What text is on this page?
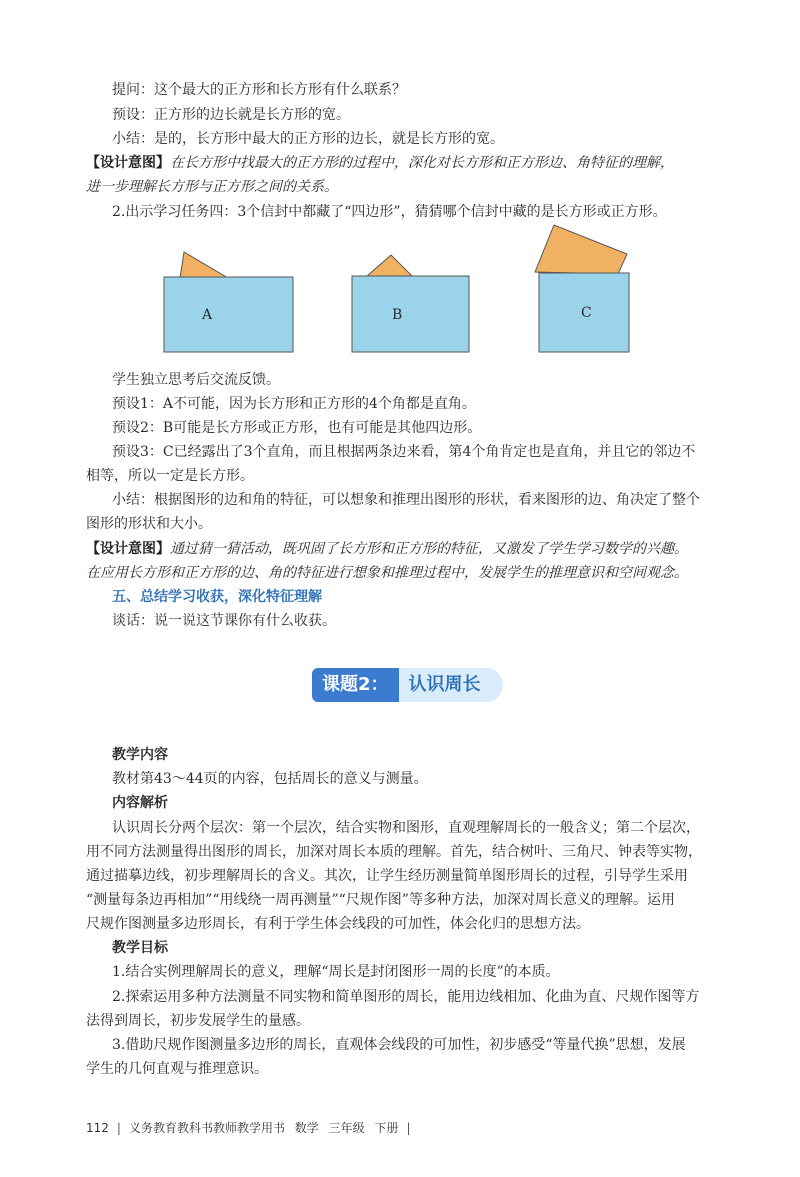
提问：这个最大的正方形和长方形有什么联系？
预设：正方形的边长就是长方形的宽。
小结：是的，长方形中最大的正方形的边长，就是长方形的宽。
【设计意图】在长方形中找最大的正方形的过程中，深化对长方形和正方形边、角特征的理解，
进一步理解长方形与正方形之间的关系。
2.出示学习任务四：3个信封中都藏了“四边形”，猜猜哪个信封中藏的是长方形或正方形。
A	B	C
学生独立思考后交流反馈。
预设1：A不可能，因为长方形和正方形的4个角都是直角。
预设2：B可能是长方形或正方形，也有可能是其他四边形。
预设3：C已经露出了3个直角，而且根据两条边来看，第4个角肯定也是直角，并且它的邻边不
相等，所以一定是长方形。
小结：根据图形的边和角的特征，可以想象和推理出图形的形状，看来图形的边、角决定了整个
图形的形状和大小。
【设计意图】通过猜一猜活动，既巩固了长方形和正方形的特征，又激发了学生学习数学的兴趣。
在应用长方形和正方形的边、角的特征进行想象和推理过程中，发展学生的推理意识和空间观念。
五、总结学习收获，深化特征理解
谈话：说一说这节课你有什么收获。
课题2：	认识周长
教学内容
教材第43～44页的内容，包括周长的意义与测量。
内容解析
认识周长分两个层次：第一个层次，结合实物和图形，直观理解周长的一般含义；第二个层次，
用不同方法测量得出图形的周长，加深对周长本质的理解。首先，结合树叶、三角尺、钟表等实物，
通过描摹边线，初步理解周长的含义。其次，让学生经历测量简单图形周长的过程，引导学生采用
“测量每条边再相加”“用线绕一周再测量”“尺规作图”等多种方法，加深对周长意义的理解。运用
尺规作图测量多边形周长，有利于学生体会线段的可加性，体会化归的思想方法。
教学目标
1.结合实例理解周长的意义，理解“周长是封闭图形一周的长度”的本质。
2.探索运用多种方法测量不同实物和简单图形的周长，能用边线相加、化曲为直、尺规作图等方
法得到周长，初步发展学生的量感。
3.借助尺规作图测量多边形的周长，直观体会线段的可加性，初步感受“等量代换”思想，发展
学生的几何直观与推理意识。
112 | 义务教育教科书教师教学用书 数学 三年级 下册 |
